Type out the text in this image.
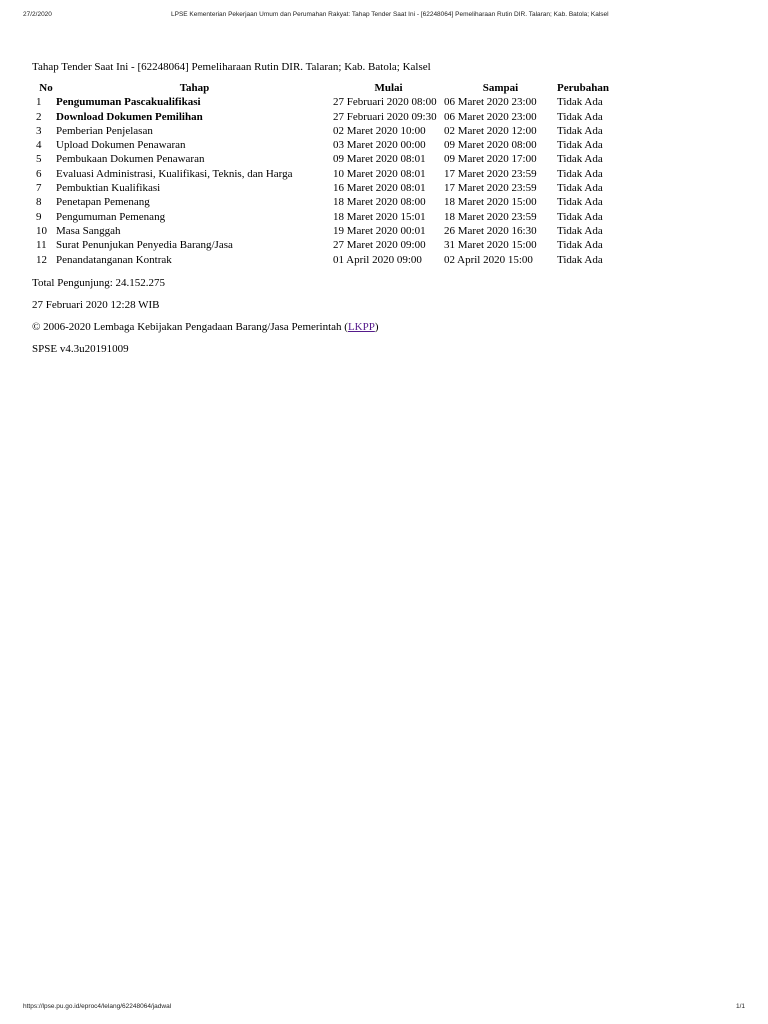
27/2/2020	LPSE Kementerian Pekerjaan Umum dan Perumahan Rakyat: Tahap Tender Saat Ini - [62248064] Pemeliharaan Rutin DIR. Talaran; Kab. Batola; Kalsel

Tahap Tender Saat Ini - [62248064] Pemeliharaan Rutin DIR. Talaran; Kab. Batola; Kalsel

No	Tahap	Mulai	Sampai	Perubahan
1	Pengumuman Pascakualifikasi	27 Februari 2020 08:00	06 Maret 2020 23:00	Tidak Ada
2	Download Dokumen Pemilihan	27 Februari 2020 09:30	06 Maret 2020 23:00	Tidak Ada
3	Pemberian Penjelasan	02 Maret 2020 10:00	02 Maret 2020 12:00	Tidak Ada
4	Upload Dokumen Penawaran	03 Maret 2020 00:00	09 Maret 2020 08:00	Tidak Ada
5	Pembukaan Dokumen Penawaran	09 Maret 2020 08:01	09 Maret 2020 17:00	Tidak Ada
6	Evaluasi Administrasi, Kualifikasi, Teknis, dan Harga	10 Maret 2020 08:01	17 Maret 2020 23:59	Tidak Ada
7	Pembuktian Kualifikasi	16 Maret 2020 08:01	17 Maret 2020 23:59	Tidak Ada
8	Penetapan Pemenang	18 Maret 2020 08:00	18 Maret 2020 15:00	Tidak Ada
9	Pengumuman Pemenang	18 Maret 2020 15:01	18 Maret 2020 23:59	Tidak Ada
10	Masa Sanggah	19 Maret 2020 00:01	26 Maret 2020 16:30	Tidak Ada
11	Surat Penunjukan Penyedia Barang/Jasa	27 Maret 2020 09:00	31 Maret 2020 15:00	Tidak Ada
12	Penandatanganan Kontrak	01 April 2020 09:00	02 April 2020 15:00	Tidak Ada

Total Pengunjung: 24.152.275

27 Februari 2020 12:28 WIB

© 2006-2020 Lembaga Kebijakan Pengadaan Barang/Jasa Pemerintah (LKPP)

SPSE v4.3u20191009

https://lpse.pu.go.id/eproc4/lelang/62248064/jadwal	1/1
